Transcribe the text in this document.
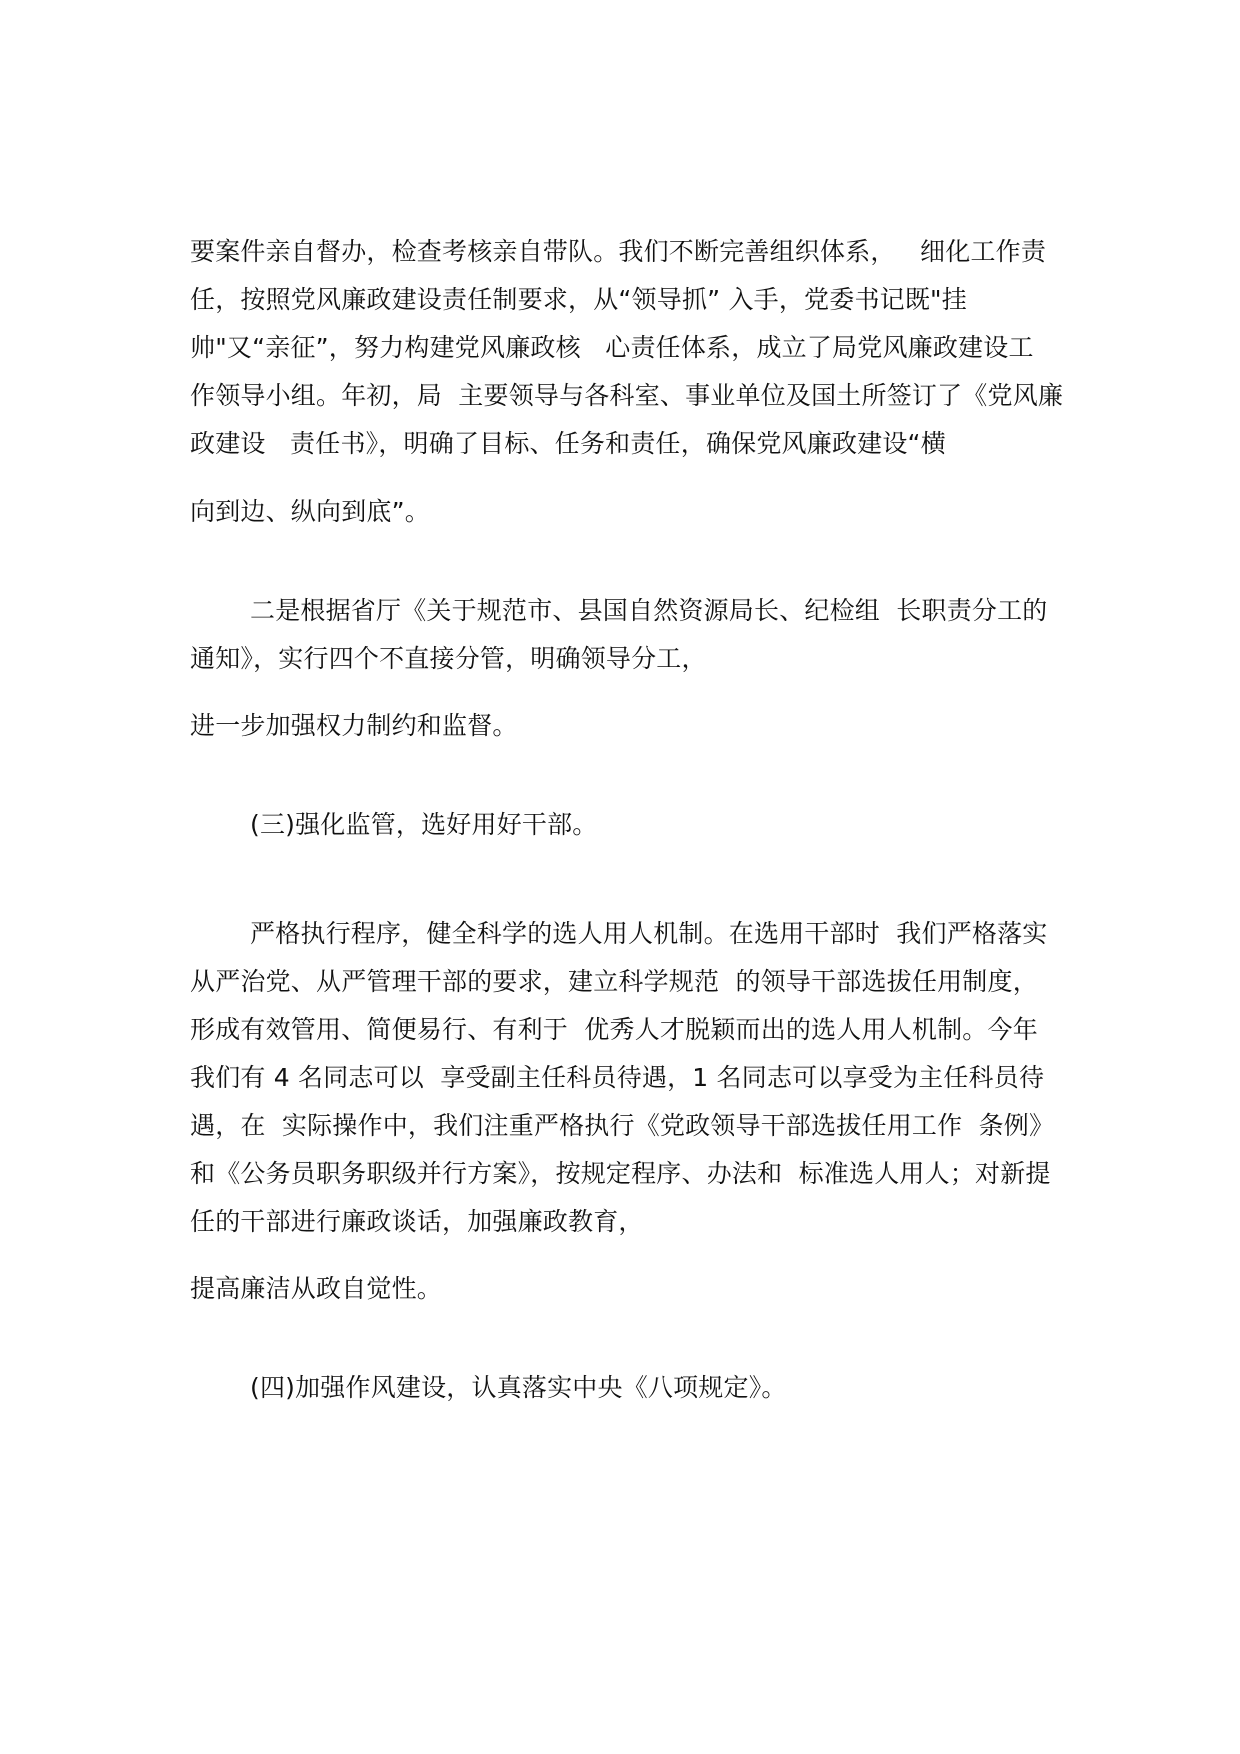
要案件亲自督办，检查考核亲自带队。我们不断完善组织体系，   细化工作责
任，按照党风廉政建设责任制要求，从“领导抓” 入手，党委书记既"挂
帅"又“亲征”，努力构建党风廉政核   心责任体系，成立了局党风廉政建设工
作领导小组。年初，局  主要领导与各科室、事业单位及国土所签订了《党风廉
政建设   责任书》，明确了目标、任务和责任，确保党风廉政建设“横
向到边、纵向到底”。
二是根据省厅《关于规范市、县国自然资源局长、纪检组  长职责分工的
通知》，实行四个不直接分管，明确领导分工，
进一步加强权力制约和监督。
(三)强化监管，选好用好干部。
严格执行程序，健全科学的选人用人机制。在选用干部时  我们严格落实
从严治党、从严管理干部的要求，建立科学规范  的领导干部选拔任用制度，
形成有效管用、简便易行、有利于  优秀人才脱颖而出的选人用人机制。今年
我们有 4 名同志可以  享受副主任科员待遇，1 名同志可以享受为主任科员待
遇，在  实际操作中，我们注重严格执行《党政领导干部选拔任用工作  条例》
和《公务员职务职级并行方案》，按规定程序、办法和  标准选人用人；对新提
任的干部进行廉政谈话，加强廉政教育，
提高廉洁从政自觉性。
(四)加强作风建设，认真落实中央《八项规定》。
